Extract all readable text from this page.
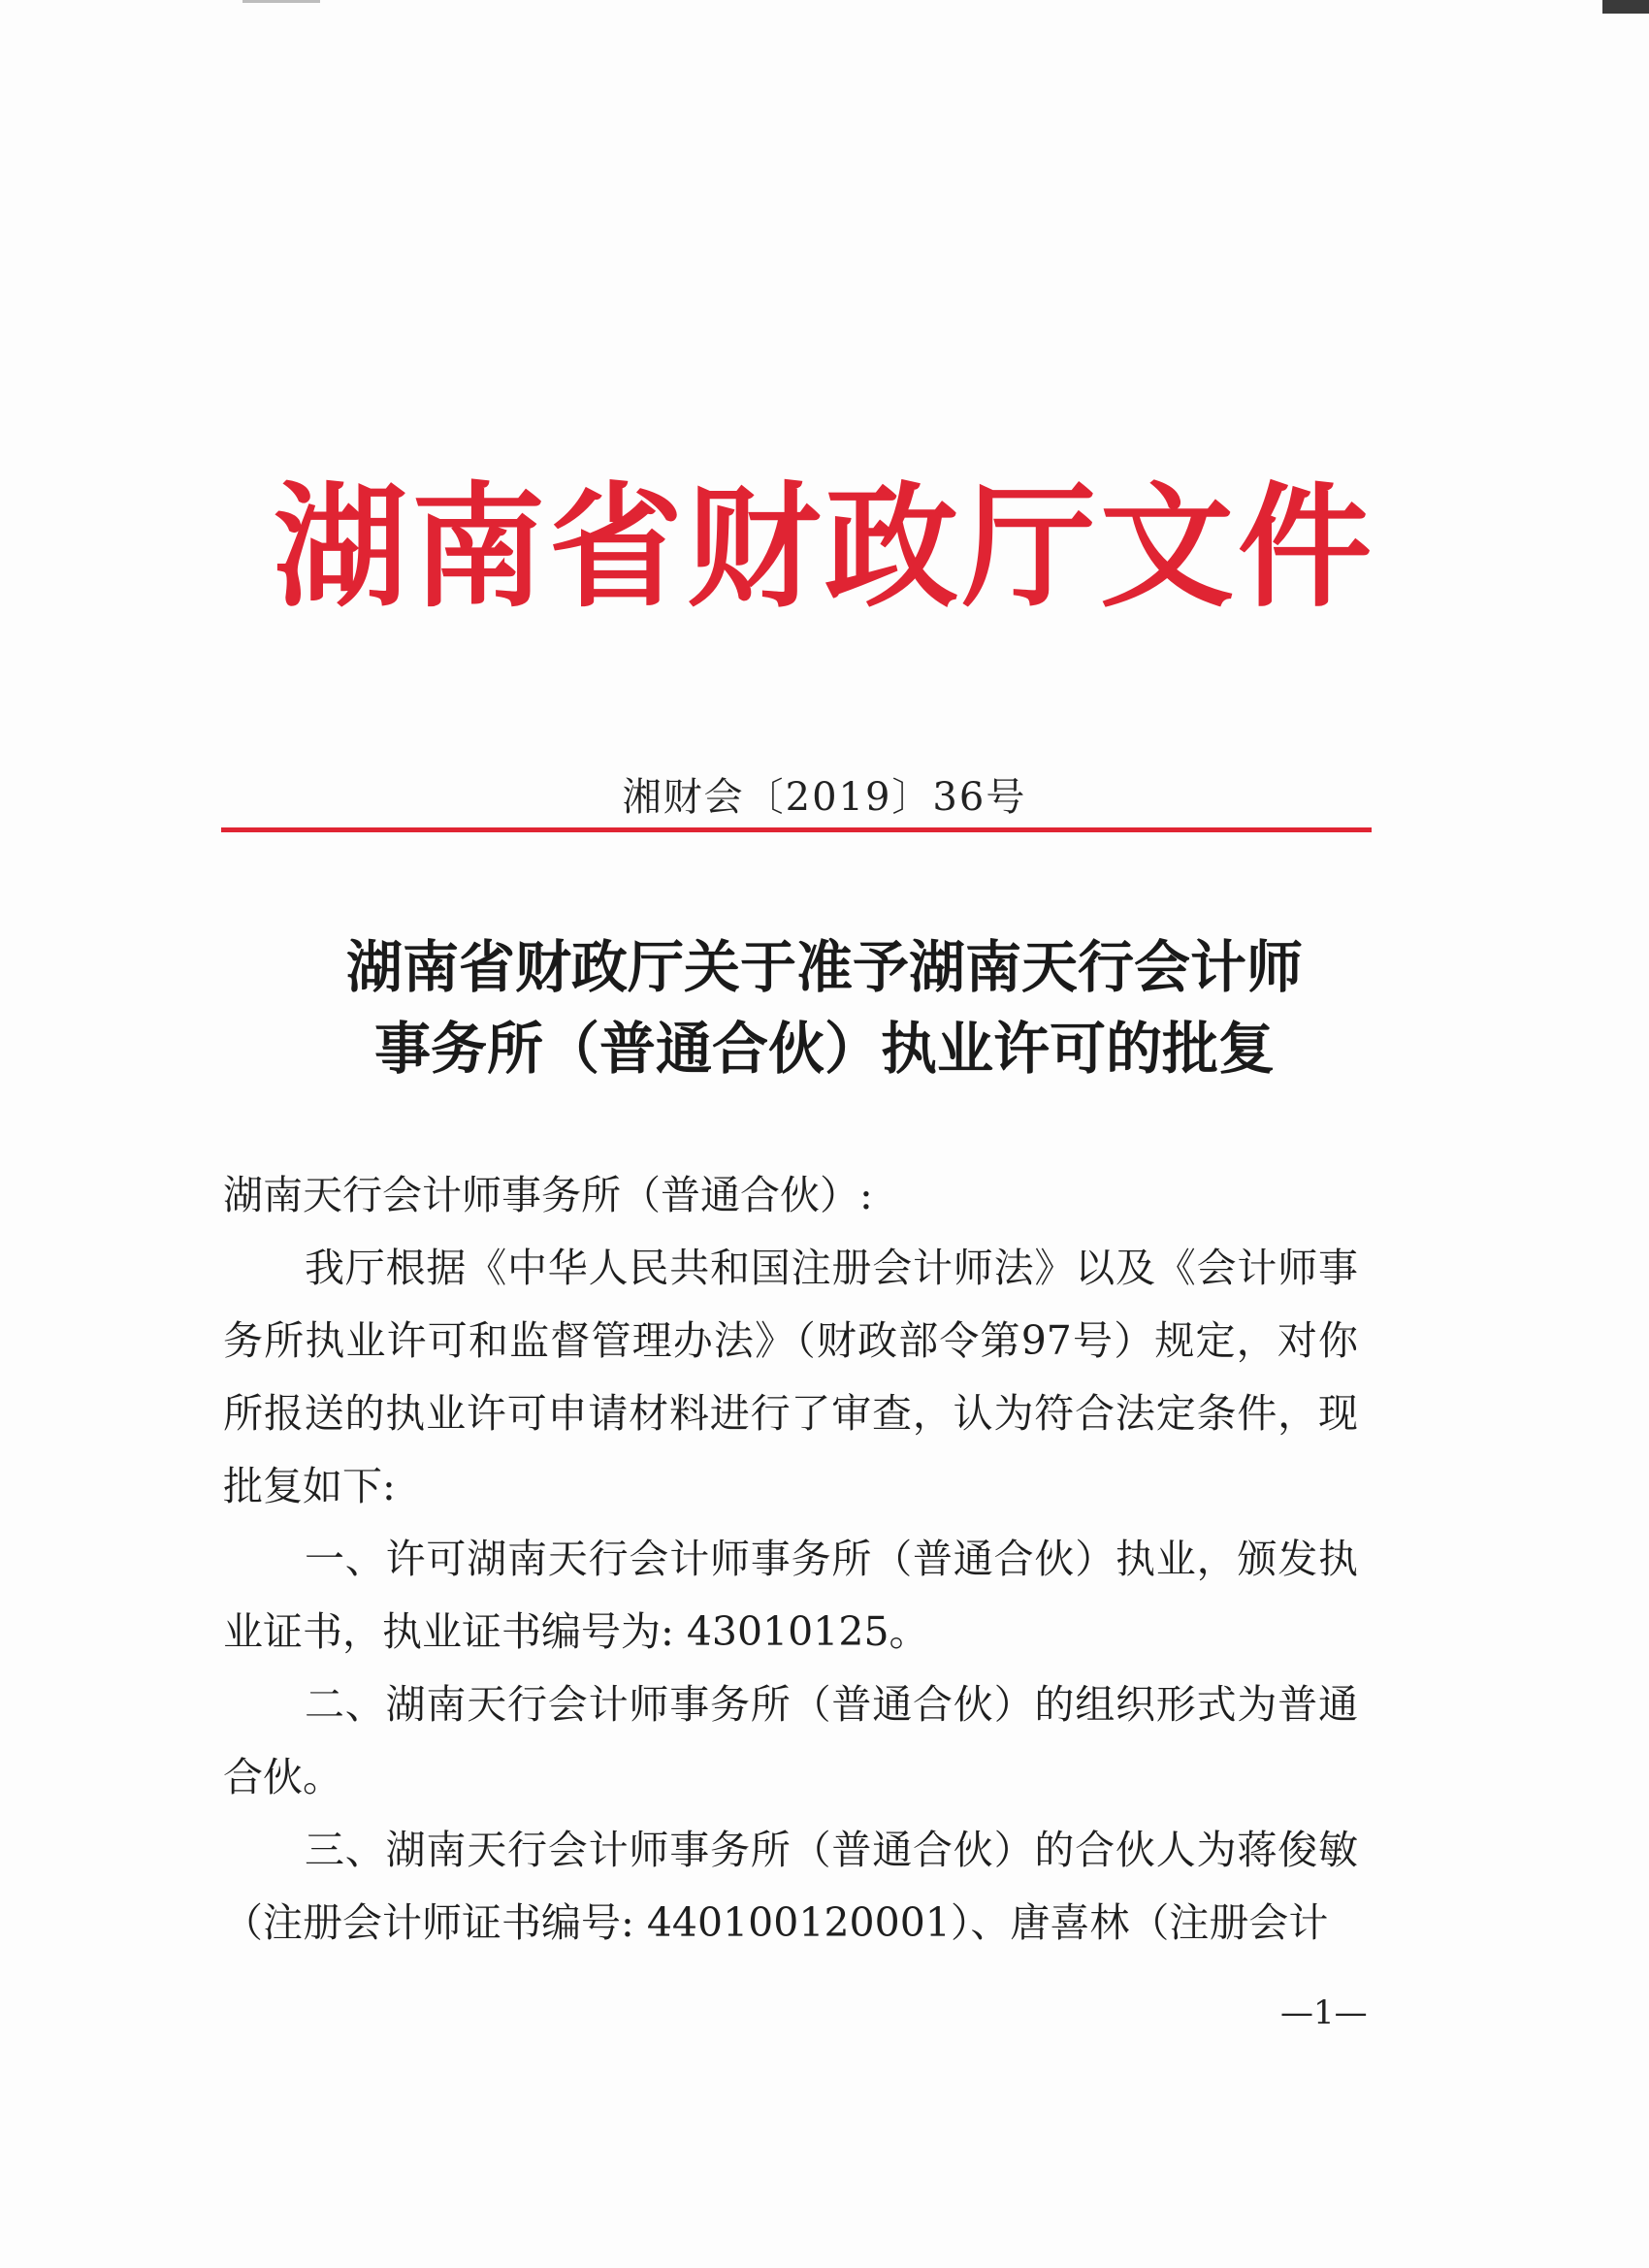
湖南省财政厅文件
湘财会〔2019〕36号
湖南省财政厅关于准予湖南天行会计师
事务所（普通合伙）执业许可的批复

湖南天行会计师事务所（普通合伙）:

我厅根据《中华人民共和国注册会计师法》以及《会计师事务所执业许可和监督管理办法》（财政部令第97号）规定，对你所报送的执业许可申请材料进行了审查，认为符合法定条件，现批复如下:

一、许可湖南天行会计师事务所（普通合伙）执业，颁发执业证书，执业证书编号为: 43010125。

二、湖南天行会计师事务所（普通合伙）的组织形式为普通合伙。

三、湖南天行会计师事务所（普通合伙）的合伙人为蒋俊敏（注册会计师证书编号: 440100120001）、唐喜林（注册会计

—1—
